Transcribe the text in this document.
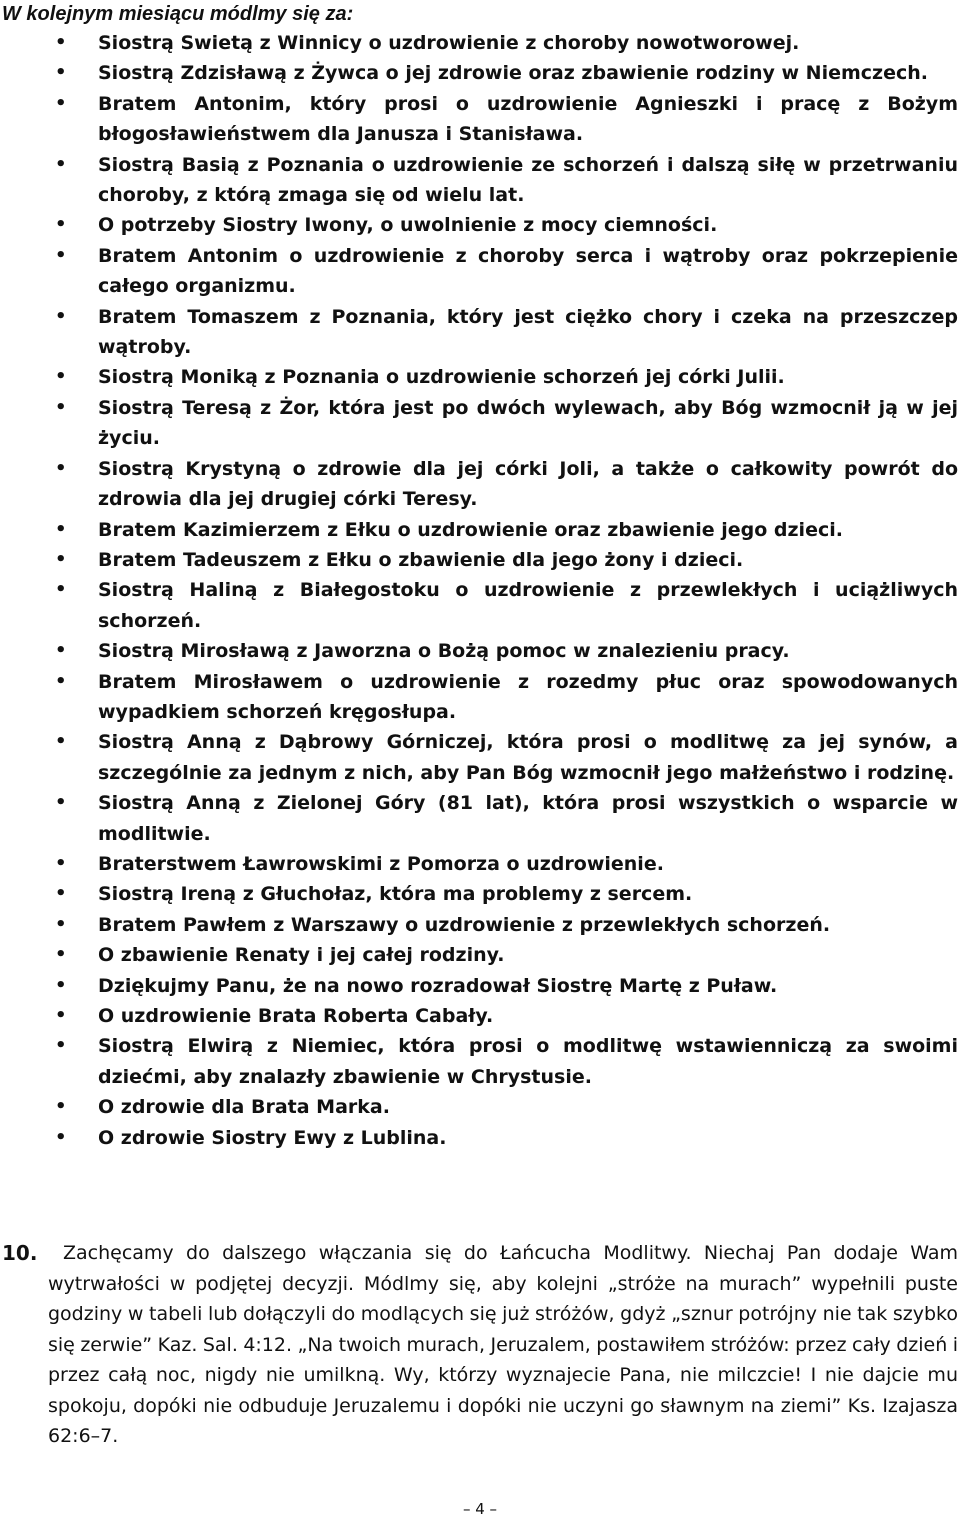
W kolejnym miesiącu módlmy się za:
• Siostrą Swietą z Winnicy o uzdrowienie z choroby nowotworowej.
• Siostrą Zdzisławą z Żywca o jej zdrowie oraz zbawienie rodziny w Niemczech.
• Bratem Antonim, który prosi o uzdrowienie Agnieszki i pracę z Bożym błogosławieństwem dla Janusza i Stanisława.
• Siostrą Basią z Poznania o uzdrowienie ze schorzeń i dalszą siłę w przetrwaniu choroby, z którą zmaga się od wielu lat.
• O potrzeby Siostry Iwony, o uwolnienie z mocy ciemności.
• Bratem Antonim o uzdrowienie z choroby serca i wątroby oraz pokrzepienie całego organizmu.
• Bratem Tomaszem z Poznania, który jest ciężko chory i czeka na przeszczep wątroby.
• Siostrą Moniką z Poznania o uzdrowienie schorzeń jej córki Julii.
• Siostrą Teresą z Żor, która jest po dwóch wylewach, aby Bóg wzmocnił ją w jej życiu.
• Siostrą Krystyną o zdrowie dla jej córki Joli, a także o całkowity powrót do zdrowia dla jej drugiej córki Teresy.
• Bratem Kazimierzem z Ełku o uzdrowienie oraz zbawienie jego dzieci.
• Bratem Tadeuszem z Ełku o zbawienie dla jego żony i dzieci.
• Siostrą Haliną z Białegostoku o uzdrowienie z przewlekłych i uciążliwych schorzeń.
• Siostrą Mirosławą z Jaworzna o Bożą pomoc w znalezieniu pracy.
• Bratem Mirosławem o uzdrowienie z rozedmy płuc oraz spowodowanych wypadkiem schorzeń kręgosłupa.
• Siostrą Anną z Dąbrowy Górniczej, która prosi o modlitwę za jej synów, a szczególnie za jednym z nich, aby Pan Bóg wzmocnił jego małżeństwo i rodzinę.
• Siostrą Anną z Zielonej Góry (81 lat), która prosi wszystkich o wsparcie w modlitwie.
• Braterstwem Ławrowskimi z Pomorza o uzdrowienie.
• Siostrą Ireną z Głuchołaz, która ma problemy z sercem.
• Bratem Pawłem z Warszawy o uzdrowienie z przewlekłych schorzeń.
• O zbawienie Renaty i jej całej rodziny.
• Dziękujmy Panu, że na nowo rozradował Siostrę Martę z Puław.
• O uzdrowienie Brata Roberta Cabały.
• Siostrą Elwirą z Niemiec, która prosi o modlitwę wstawienniczą za swoimi dziećmi, aby znalazły zbawienie w Chrystusie.
• O zdrowie dla Brata Marka.
• O zdrowie Siostry Ewy z Lublina.
10.	Zachęcamy do dalszego włączania się do Łańcucha Modlitwy. Niechaj Pan dodaje Wam wytrwałości w podjętej decyzji. Módlmy się, aby kolejni „stróże na murach” wypełnili puste godziny w tabeli lub dołączyli do modlących się już stróżów, gdyż „sznur potrójny nie tak szybko się zerwie” Kaz. Sal. 4:12. „Na twoich murach, Jeruzalem, postawiłem stróżów: przez cały dzień i przez całą noc, nigdy nie umilkną. Wy, którzy wyznajecie Pana, nie milczcie! I nie dajcie mu spokoju, dopóki nie odbuduje Jeruzalemu i dopóki nie uczyni go sławnym na ziemi” Ks. Izajasza 62:6–7.

– 4 –
